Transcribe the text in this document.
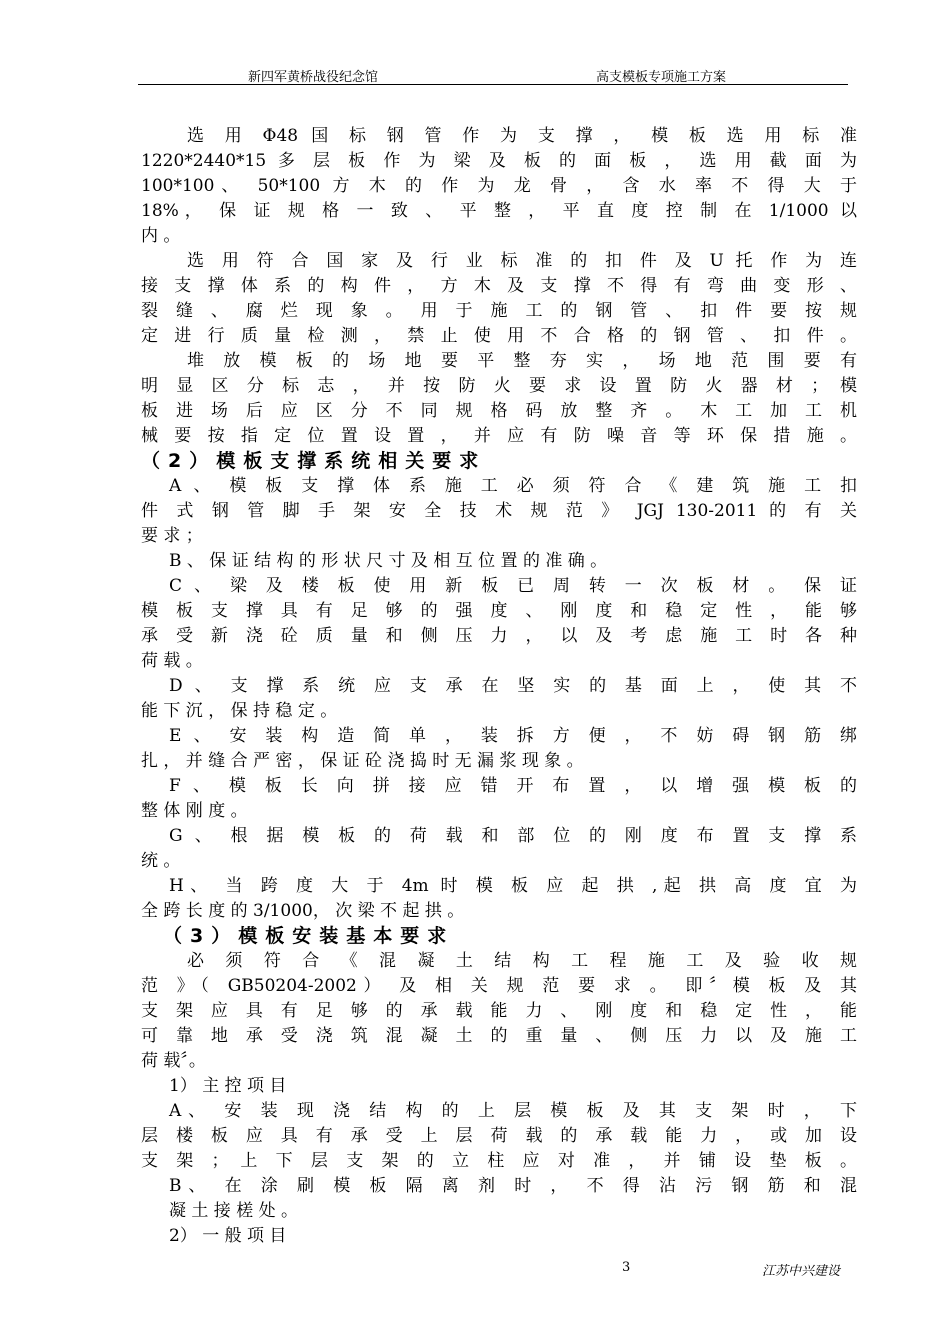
新四军黄桥战役纪念馆	高支模板专项施工方案
选 用 Φ48 国 标 钢 管 作 为 支 撑 ， 模 板 选 用 标 准
1220*2440*15 多 层 板 作 为 梁 及 板 的 面 板 ， 选 用 截 面 为
100*100、 50*100 方 木 的 作 为 龙 骨 ， 含 水 率 不 得 大 于
18%， 保 证 规 格 一 致 、 平 整 ， 平 直 度 控 制 在 1/1000 以
内 。
选 用 符 合 国 家 及 行 业 标 准 的 扣 件 及 U 托 作 为 连
接 支 撑 体 系 的 构 件 ， 方 木 及 支 撑 不 得 有 弯 曲 变 形 、
裂 缝 、 腐 烂 现 象 。 用 于 施 工 的 钢 管 、 扣 件 要 按 规
定 进 行 质 量 检 测 ， 禁 止 使 用 不 合 格 的 钢 管 、 扣 件 。
堆 放 模 板 的 场 地 要 平 整 夯 实 ， 场 地 范 围 要 有
明 显 区 分 标 志 ， 并 按 防 火 要 求 设 置 防 火 器 材 ； 模
板 进 场 后 应 区 分 不 同 规 格 码 放 整 齐 。 木 工 加 工 机
械 要 按 指 定 位 置 设 置 ， 并 应 有 防 噪 音 等 环 保 措 施 。
（2）模板支撑系统相关要求
A 、 模 板 支 撑 体 系 施 工 必 须 符 合 《 建 筑 施 工 扣
件 式 钢 管 脚 手 架 安 全 技 术 规 范 》 JGJ 130-2011 的 有 关
要 求 ；
B 、 保 证 结 构 的 形 状 尺 寸 及 相 互 位 置 的 准 确 。
C 、 梁 及 楼 板 使 用 新 板 已 周 转 一 次 板 材 。 保 证
模 板 支 撑 具 有 足 够 的 强 度 、 刚 度 和 稳 定 性 ， 能 够
承 受 新 浇 砼 质 量 和 侧 压 力 ， 以 及 考 虑 施 工 时 各 种
荷 载 。
D 、 支 撑 系 统 应 支 承 在 坚 实 的 基 面 上 ， 使 其 不
能 下 沉 ， 保 持 稳 定 。
E 、 安 装 构 造 简 单 ， 装 拆 方 便 ， 不 妨 碍 钢 筋 绑
扎 ， 并 缝 合 严 密 ， 保 证 砼 浇 捣 时 无 漏 浆 现 象 。
F 、 模 板 长 向 拼 接 应 错 开 布 置 ， 以 增 强 模 板 的
整 体 刚 度 。
G 、 根 据 模 板 的 荷 载 和 部 位 的 刚 度 布 置 支 撑 系
统 。
H、 当 跨 度 大 于 4m 时 模 板 应 起 拱 ,起 拱 高 度 宜 为
全 跨 长 度 的 3/1000， 次 梁 不 起 拱 。
（3）模板安装基本要求
必 须 符 合 《 混 凝 土 结 构 工 程 施 工 及 验 收 规
范 》（ GB50204-2002） 及 相 关 规 范 要 求 。 即〞模 板 及 其
支 架 应 具 有 足 够 的 承 载 能 力 、 刚 度 和 稳 定 性 ， 能
可 靠 地 承 受 浇 筑 混 凝 土 的 重 量 、 侧 压 力 以 及 施 工
荷 载〞。
1） 主 控 项 目
A、 安 装 现 浇 结 构 的 上 层 模 板 及 其 支 架 时 ， 下
层 楼 板 应 具 有 承 受 上 层 荷 载 的 承 载 能 力 ， 或 加 设
支 架 ； 上 下 层 支 架 的 立 柱 应 对 准 ， 并 铺 设 垫 板 。
B、 在 涂 刷 模 板 隔 离 剂 时 ， 不 得 沾 污 钢 筋 和 混
凝 土 接 槎 处 。
2） 一 般 项 目
3	江苏中兴建设
